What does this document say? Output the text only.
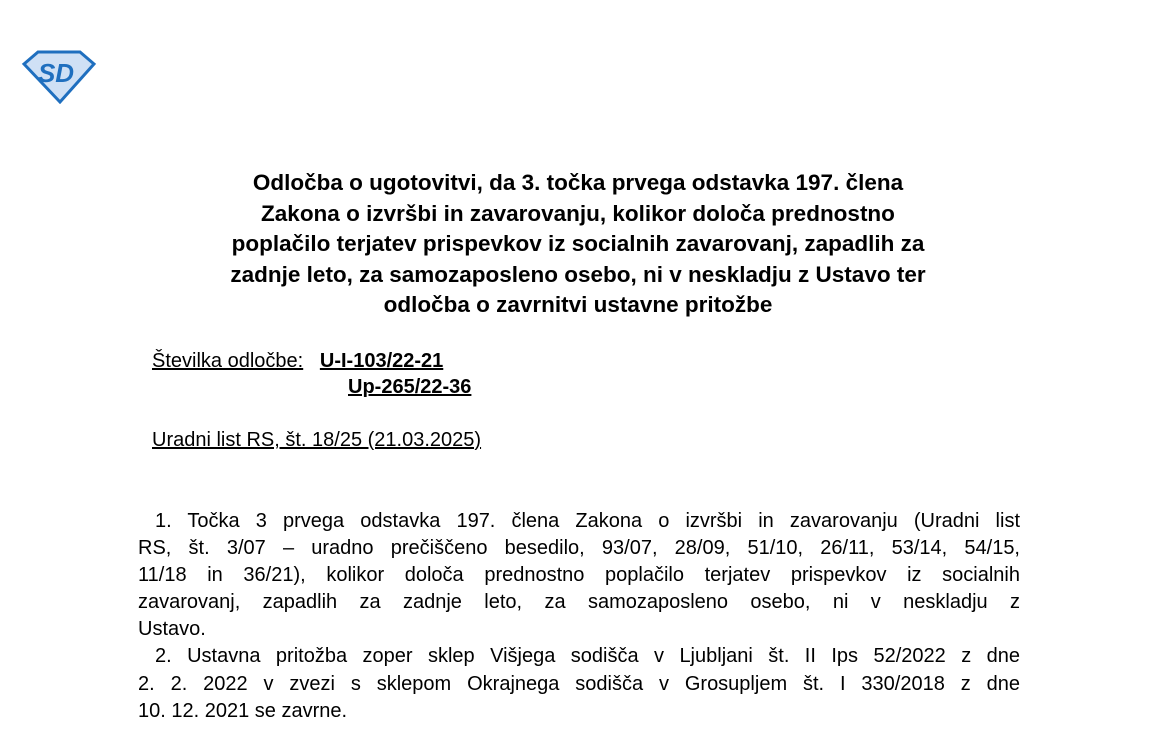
SD
Odločba o ugotovitvi, da 3. točka prvega odstavka 197. člena
Zakona o izvršbi in zavarovanju, kolikor določa prednostno
poplačilo terjatev prispevkov iz socialnih zavarovanj, zapadlih za
zadnje leto, za samozaposleno osebo, ni v neskladju z Ustavo ter
odločba o zavrnitvi ustavne pritožbe
Številka odločbe: U-I-103/22-21
Up-265/22-36
Uradni list RS, št. 18/25 (21.03.2025)
1. Točka 3 prvega odstavka 197. člena Zakona o izvršbi in zavarovanju (Uradni list
RS, št. 3/07 – uradno prečiščeno besedilo, 93/07, 28/09, 51/10, 26/11, 53/14, 54/15,
11/18 in 36/21), kolikor določa prednostno poplačilo terjatev prispevkov iz socialnih
zavarovanj, zapadlih za zadnje leto, za samozaposleno osebo, ni v neskladju z
Ustavo.
2. Ustavna pritožba zoper sklep Višjega sodišča v Ljubljani št. II Ips 52/2022 z dne
2. 2. 2022 v zvezi s sklepom Okrajnega sodišča v Grosupljem št. I 330/2018 z dne
10. 12. 2021 se zavrne.
